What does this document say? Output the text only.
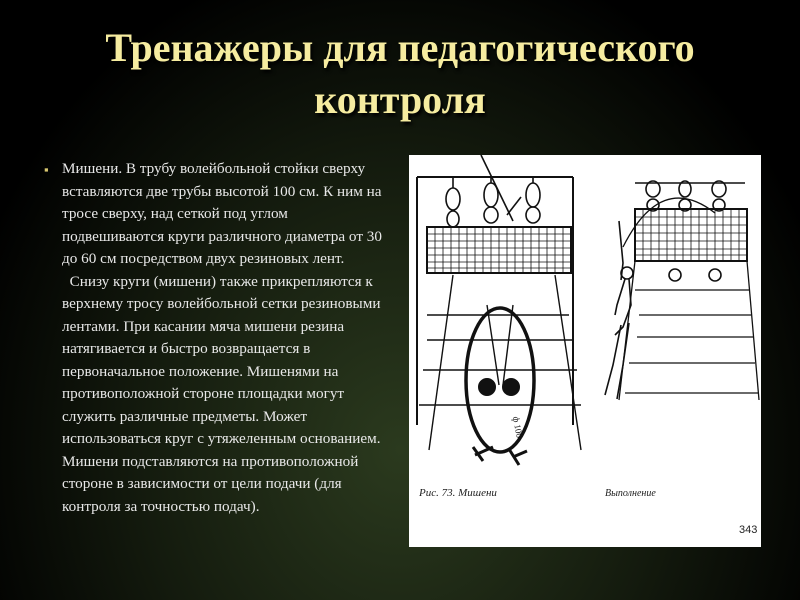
Тренажеры для педагогического контроля

▪ Мишени. В трубу волейбольной стойки сверху вставляются две трубы высотой 100 см. К ним на тросе сверху, над сеткой под углом подвешиваются круги различного диаметра от 30 до 60 см посредством двух резиновых лент.

Снизу круги (мишени) также прикрепляются к верхнему тросу волейбольной сетки резиновыми лентами. При касании мяча мишени резина натягивается и быстро возвращается в первоначальное положение. Мишенями на противоположной стороне площадки могут служить различные предметы. Может использоваться круг с утяжеленным основанием. Мишени подставляются на противоположной стороне в зависимости от цели подачи (для контроля за точностью подач).

ф 100
Рис. 73. Мишени	Выполнение
343
